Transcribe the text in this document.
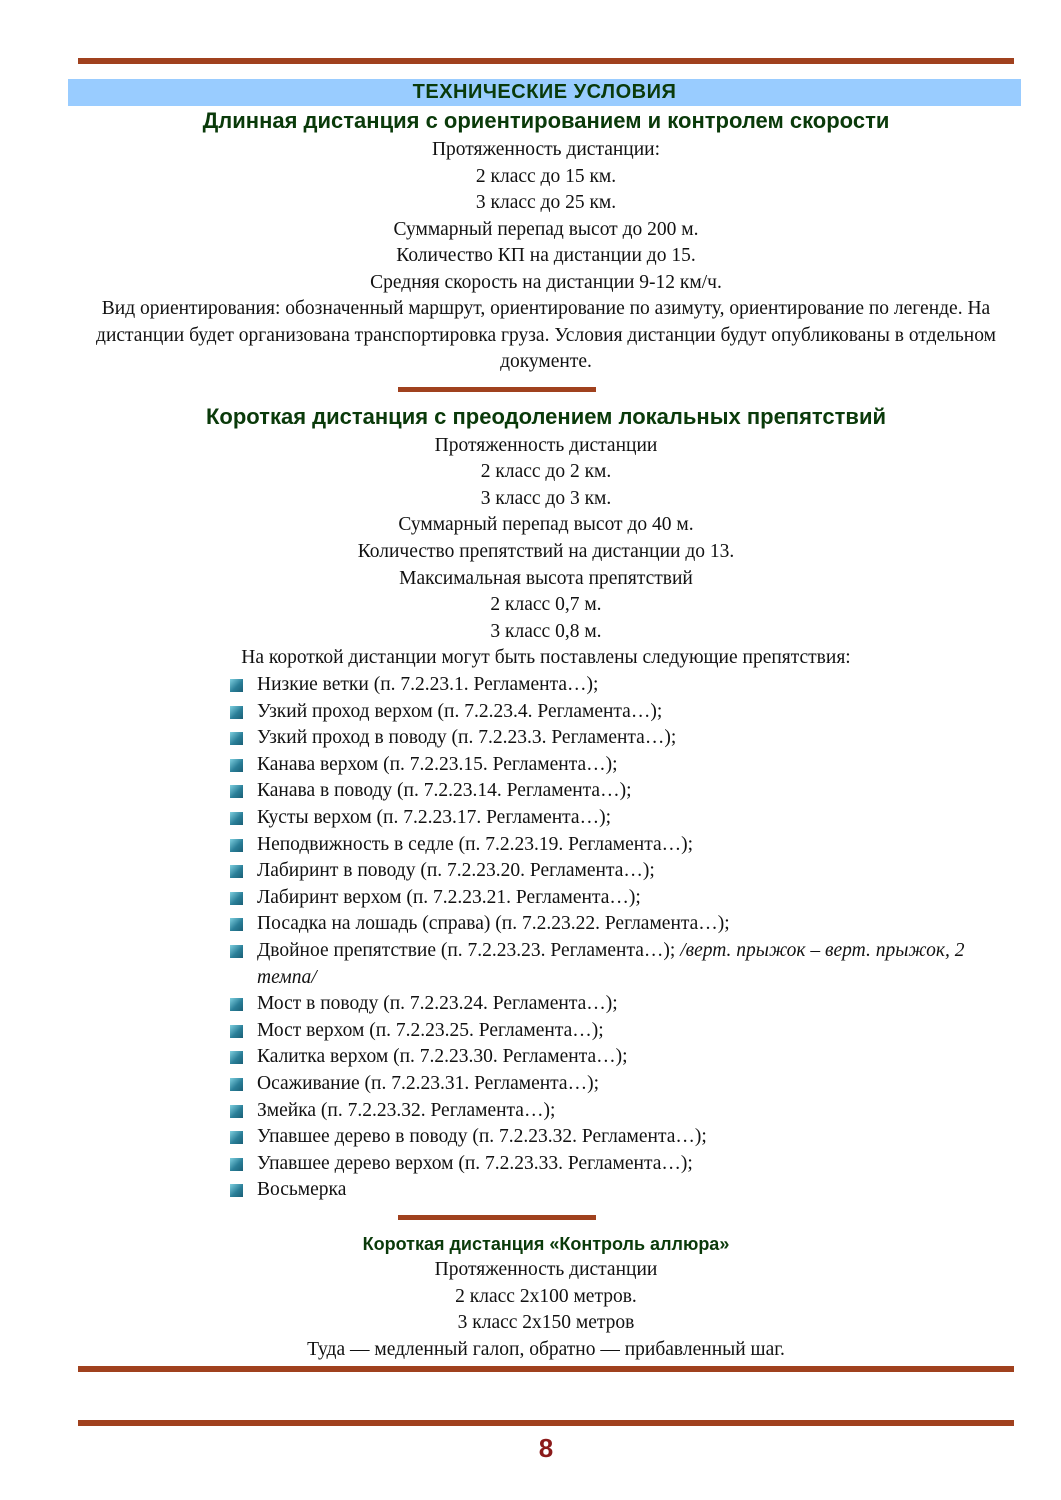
ТЕХНИЧЕСКИЕ УСЛОВИЯ
Длинная дистанция с ориентированием и контролем скорости
Протяженность дистанции:
2 класс до 15 км.
3 класс до 25 км.
Суммарный перепад высот до 200 м.
Количество КП на дистанции до 15.
Средняя скорость на дистанции 9-12 км/ч.
Вид ориентирования: обозначенный маршрут, ориентирование по азимуту, ориентирование по легенде. На дистанции будет организована транспортировка груза. Условия дистанции будут опубликованы в отдельном документе.
Короткая дистанция с преодолением локальных препятствий
Протяженность дистанции
2 класс до 2 км.
3 класс до 3 км.
Суммарный перепад высот до 40 м.
Количество препятствий на дистанции до 13.
Максимальная высота препятствий
2 класс 0,7 м.
3 класс 0,8 м.
На короткой дистанции могут быть поставлены следующие препятствия:
Низкие ветки (п. 7.2.23.1. Регламента…);
Узкий проход верхом (п. 7.2.23.4. Регламента…);
Узкий проход в поводу (п. 7.2.23.3. Регламента…);
Канава верхом (п. 7.2.23.15. Регламента…);
Канава в поводу (п. 7.2.23.14. Регламента…);
Кусты верхом (п. 7.2.23.17. Регламента…);
Неподвижность в седле (п. 7.2.23.19. Регламента…);
Лабиринт в поводу (п. 7.2.23.20. Регламента…);
Лабиринт верхом (п. 7.2.23.21. Регламента…);
Посадка на лошадь (справа) (п. 7.2.23.22. Регламента…);
Двойное препятствие (п. 7.2.23.23. Регламента…); /верт. прыжок – верт. прыжок, 2 темпа/
Мост в поводу (п. 7.2.23.24. Регламента…);
Мост верхом (п. 7.2.23.25. Регламента…);
Калитка верхом (п. 7.2.23.30. Регламента…);
Осаживание (п. 7.2.23.31. Регламента…);
Змейка (п. 7.2.23.32. Регламента…);
Упавшее дерево в поводу (п. 7.2.23.32. Регламента…);
Упавшее дерево верхом (п. 7.2.23.33. Регламента…);
Восьмерка
Короткая дистанция «Контроль аллюра»
Протяженность дистанции
2 класс 2х100 метров.
3 класс 2х150 метров
Туда — медленный галоп, обратно — прибавленный шаг.
8
